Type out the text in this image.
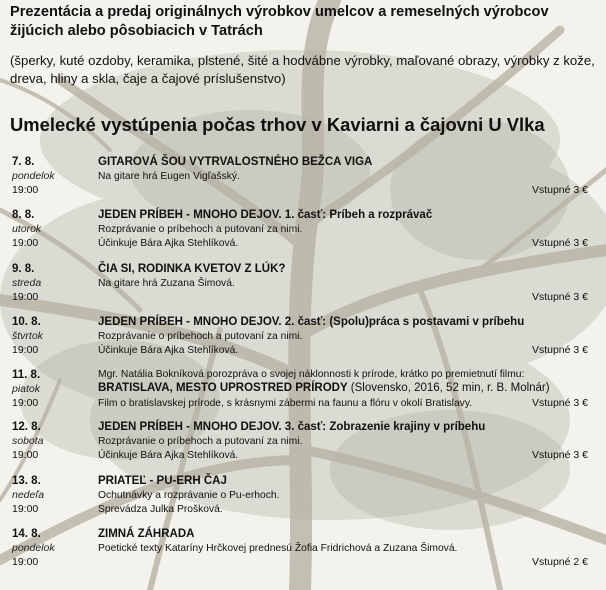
Prezentácia a predaj originálnych výrobkov umelcov a remeselných výrobcov žijúcich alebo pôsobiacich v Tatrách
(šperky, kuté ozdoby, keramika, plstené, šité a hodvábne výrobky, maľované obrazy, výrobky z kože, dreva, hliny a skla, čaje a čajové príslušenstvo)
Umelecké vystúpenia počas trhov v Kaviarni a čajovni U Vlka
7. 8.
pondelok
19:00
GITAROVÁ ŠOU VYTRVALOSTNÉHO BEŽCA VIGA
Na gitare hrá Eugen Vigľašský.
Vstupné 3 €
8. 8.
utorok
19:00
JEDEN PRÍBEH - MNOHO DEJOV. 1. časť: Príbeh a rozprávač
Rozprávanie o príbehoch a putovaní za nimi.
Účinkuje Bára Ajka Stehlíková.	Vstupné 3 €
9. 8.
streda
19:00
ČIA SI, RODINKA KVETOV Z LÚK?
Na gitare hrá Zuzana Šimová.
Vstupné 3 €
10. 8.
štvrtok
19:00
JEDEN PRÍBEH - MNOHO DEJOV. 2. časť: (Spolu)práca s postavami v príbehu
Rozprávanie o príbehoch a putovaní za nimi.
Účinkuje Bára Ajka Stehlíková.	Vstupné 3 €
11. 8.
piatok
19:00
Mgr. Natália Bokníková porozpráva o svojej náklonnosti k prírode, krátko po premietnutí filmu:
BRATISLAVA, MESTO UPROSTRED PRÍRODY (Slovensko, 2016, 52 min, r. B. Molnár)
Film o bratislavskej prírode, s krásnymi zábermi na faunu a flóru v okolí Bratislavy.	Vstupné 3 €
12. 8.
sobota
19:00
JEDEN PRÍBEH - MNOHO DEJOV. 3. časť: Zobrazenie krajiny v príbehu
Rozprávanie o príbehoch a putovaní za nimi.
Účinkuje Bára Ajka Stehlíková.	Vstupné 3 €
13. 8.
nedeľa
19:00
PRIATEĽ - PU-ERH ČAJ
Ochutnávky a rozprávanie o Pu-erhoch.
Sprevádza Julka Prošková.
14. 8.
pondelok
19:00
ZIMNÁ ZÁHRADA
Poetické texty Kataríny Hrčkovej prednesú Žofia Fridrichová a Zuzana Šimová.
Vstupné 2 €
